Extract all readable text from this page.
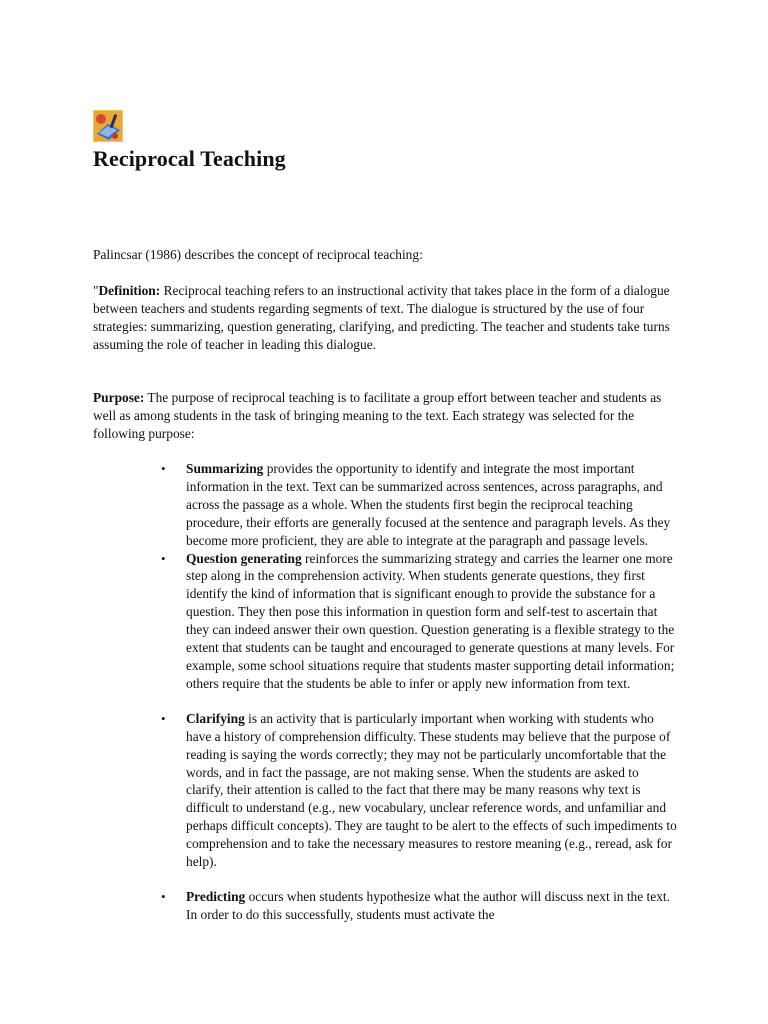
Reciprocal Teaching

Palincsar (1986) describes the concept of reciprocal teaching:

"Definition: Reciprocal teaching refers to an instructional activity that takes place in the form of a dialogue between teachers and students regarding segments of text. The dialogue is structured by the use of four strategies: summarizing, question generating, clarifying, and predicting. The teacher and students take turns assuming the role of teacher in leading this dialogue.

Purpose: The purpose of reciprocal teaching is to facilitate a group effort between teacher and students as well as among students in the task of bringing meaning to the text. Each strategy was selected for the following purpose:

• Summarizing provides the opportunity to identify and integrate the most important information in the text. Text can be summarized across sentences, across paragraphs, and across the passage as a whole. When the students first begin the reciprocal teaching procedure, their efforts are generally focused at the sentence and paragraph levels. As they become more proficient, they are able to integrate at the paragraph and passage levels.
• Question generating reinforces the summarizing strategy and carries the learner one more step along in the comprehension activity. When students generate questions, they first identify the kind of information that is significant enough to provide the substance for a question. They then pose this information in question form and self-test to ascertain that they can indeed answer their own question. Question generating is a flexible strategy to the extent that students can be taught and encouraged to generate questions at many levels. For example, some school situations require that students master supporting detail information; others require that the students be able to infer or apply new information from text.
• Clarifying is an activity that is particularly important when working with students who have a history of comprehension difficulty. These students may believe that the purpose of reading is saying the words correctly; they may not be particularly uncomfortable that the words, and in fact the passage, are not making sense. When the students are asked to clarify, their attention is called to the fact that there may be many reasons why text is difficult to understand (e.g., new vocabulary, unclear reference words, and unfamiliar and perhaps difficult concepts). They are taught to be alert to the effects of such impediments to comprehension and to take the necessary measures to restore meaning (e.g., reread, ask for help).
• Predicting occurs when students hypothesize what the author will discuss next in the text. In order to do this successfully, students must activate the
